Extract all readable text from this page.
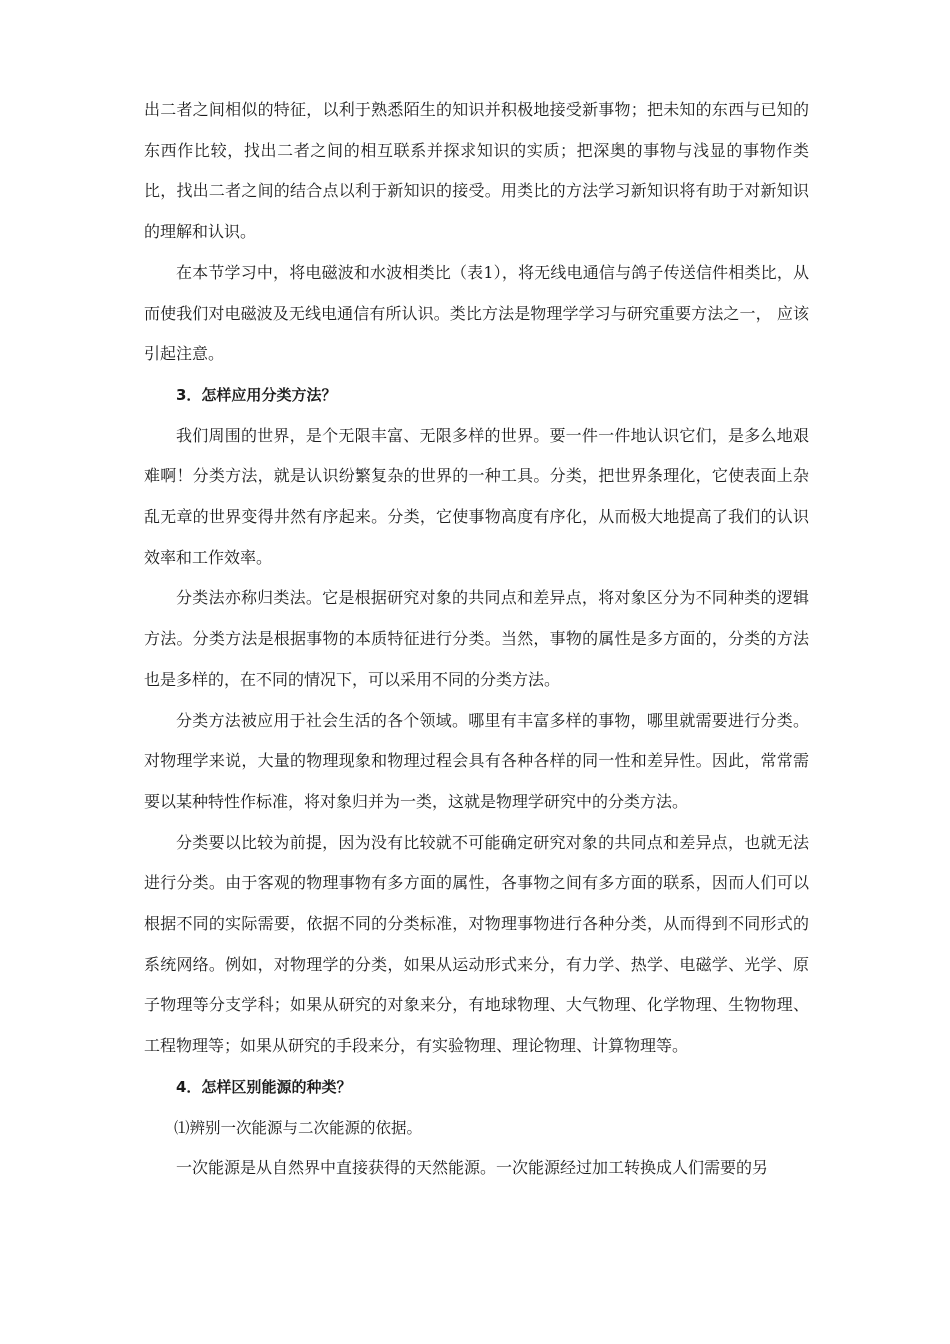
出二者之间相似的特征，以利于熟悉陌生的知识并积极地接受新事物；把未知的东西与已知的东西作比较，找出二者之间的相互联系并探求知识的实质；把深奥的事物与浅显的事物作类比，找出二者之间的结合点以利于新知识的接受。用类比的方法学习新知识将有助于对新知识的理解和认识。

在本节学习中，将电磁波和水波相类比（表1），将无线电通信与鸽子传送信件相类比，从而使我们对电磁波及无线电通信有所认识。类比方法是物理学学习与研究重要方法之一， 应该引起注意。

3．怎样应用分类方法？

我们周围的世界，是个无限丰富、无限多样的世界。要一件一件地认识它们，是多么地艰难啊！分类方法，就是认识纷繁复杂的世界的一种工具。分类，把世界条理化，它使表面上杂乱无章的世界变得井然有序起来。分类，它使事物高度有序化，从而极大地提高了我们的认识效率和工作效率。

分类法亦称归类法。它是根据研究对象的共同点和差异点，将对象区分为不同种类的逻辑方法。分类方法是根据事物的本质特征进行分类。当然，事物的属性是多方面的，分类的方法也是多样的，在不同的情况下，可以采用不同的分类方法。

分类方法被应用于社会生活的各个领域。哪里有丰富多样的事物，哪里就需要进行分类。对物理学来说，大量的物理现象和物理过程会具有各种各样的同一性和差异性。因此，常常需要以某种特性作标准，将对象归并为一类，这就是物理学研究中的分类方法。

分类要以比较为前提，因为没有比较就不可能确定研究对象的共同点和差异点，也就无法进行分类。由于客观的物理事物有多方面的属性，各事物之间有多方面的联系，因而人们可以根据不同的实际需要，依据不同的分类标准，对物理事物进行各种分类，从而得到不同形式的系统网络。例如，对物理学的分类，如果从运动形式来分，有力学、热学、电磁学、光学、原子物理等分支学科；如果从研究的对象来分，有地球物理、大气物理、化学物理、生物物理、工程物理等；如果从研究的手段来分，有实验物理、理论物理、计算物理等。

4．怎样区别能源的种类？

⑴辨别一次能源与二次能源的依据。

一次能源是从自然界中直接获得的天然能源。一次能源经过加工转换成人们需要的另
